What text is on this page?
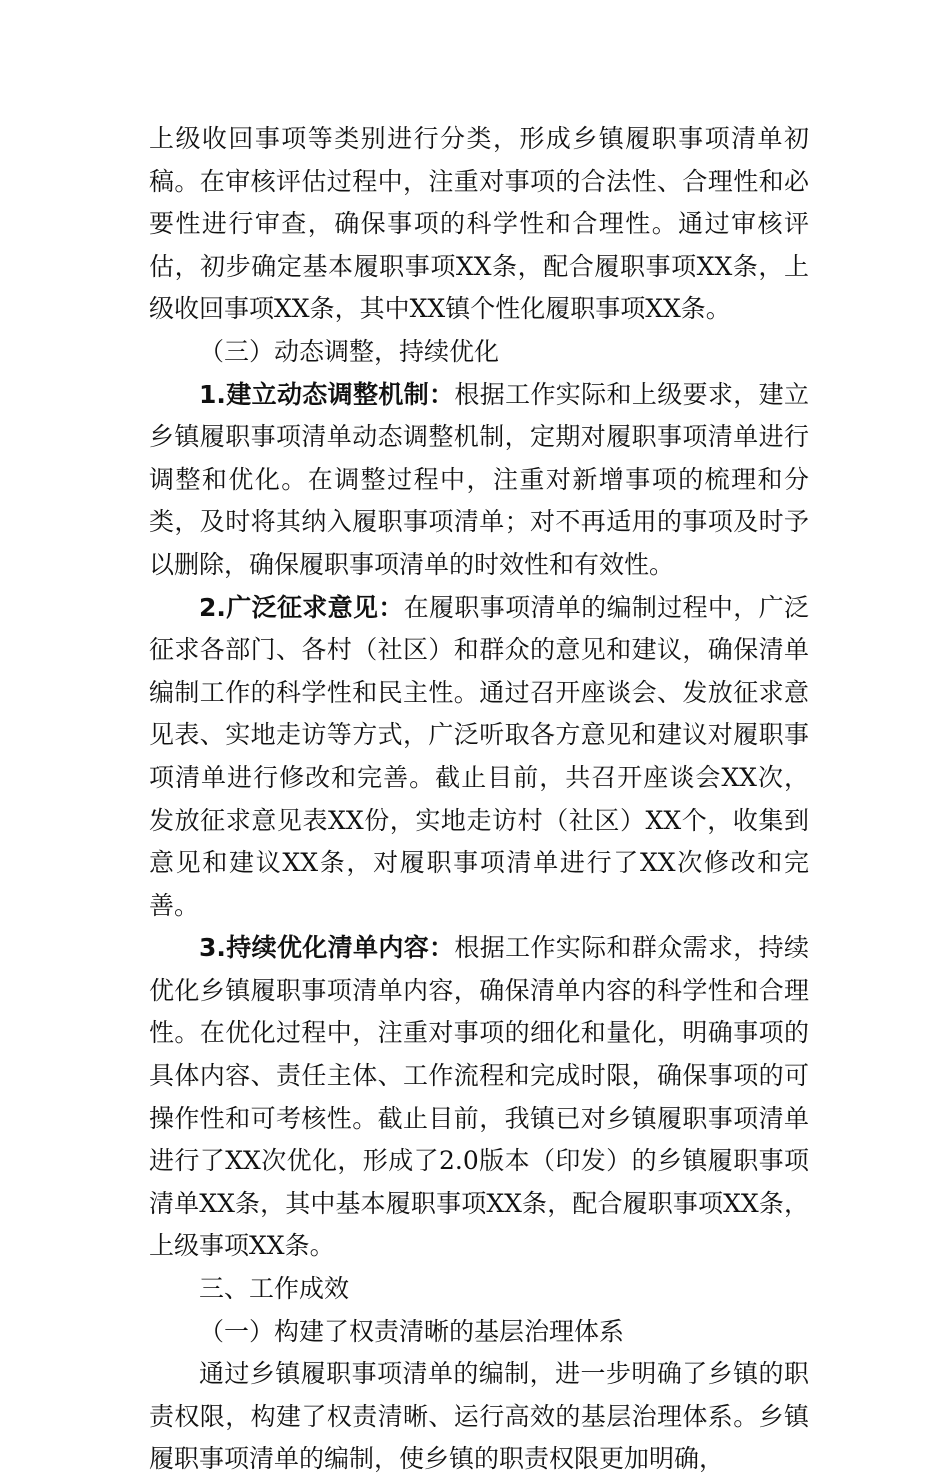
上级收回事项等类别进行分类，形成乡镇履职事项清单初稿。在审核评估过程中，注重对事项的合法性、合理性和必要性进行审查，确保事项的科学性和合理性。通过审核评估，初步确定基本履职事项XX条，配合履职事项XX条，上级收回事项XX条，其中XX镇个性化履职事项XX条。

（三）动态调整，持续优化

1.建立动态调整机制：根据工作实际和上级要求，建立乡镇履职事项清单动态调整机制，定期对履职事项清单进行调整和优化。在调整过程中，注重对新增事项的梳理和分类，及时将其纳入履职事项清单；对不再适用的事项及时予以删除，确保履职事项清单的时效性和有效性。

2.广泛征求意见：在履职事项清单的编制过程中，广泛征求各部门、各村（社区）和群众的意见和建议，确保清单编制工作的科学性和民主性。通过召开座谈会、发放征求意见表、实地走访等方式，广泛听取各方意见和建议对履职事项清单进行修改和完善。截止目前，共召开座谈会XX次，发放征求意见表XX份，实地走访村（社区）XX个，收集到意见和建议XX条，对履职事项清单进行了XX次修改和完善。

3.持续优化清单内容：根据工作实际和群众需求，持续优化乡镇履职事项清单内容，确保清单内容的科学性和合理性。在优化过程中，注重对事项的细化和量化，明确事项的具体内容、责任主体、工作流程和完成时限，确保事项的可操作性和可考核性。截止目前，我镇已对乡镇履职事项清单进行了XX次优化，形成了2.0版本（印发）的乡镇履职事项清单XX条，其中基本履职事项XX条，配合履职事项XX条，上级事项XX条。

三、工作成效

（一）构建了权责清晰的基层治理体系

通过乡镇履职事项清单的编制，进一步明确了乡镇的职责权限，构建了权责清晰、运行高效的基层治理体系。乡镇履职事项清单的编制，使乡镇的职责权限更加明确，
